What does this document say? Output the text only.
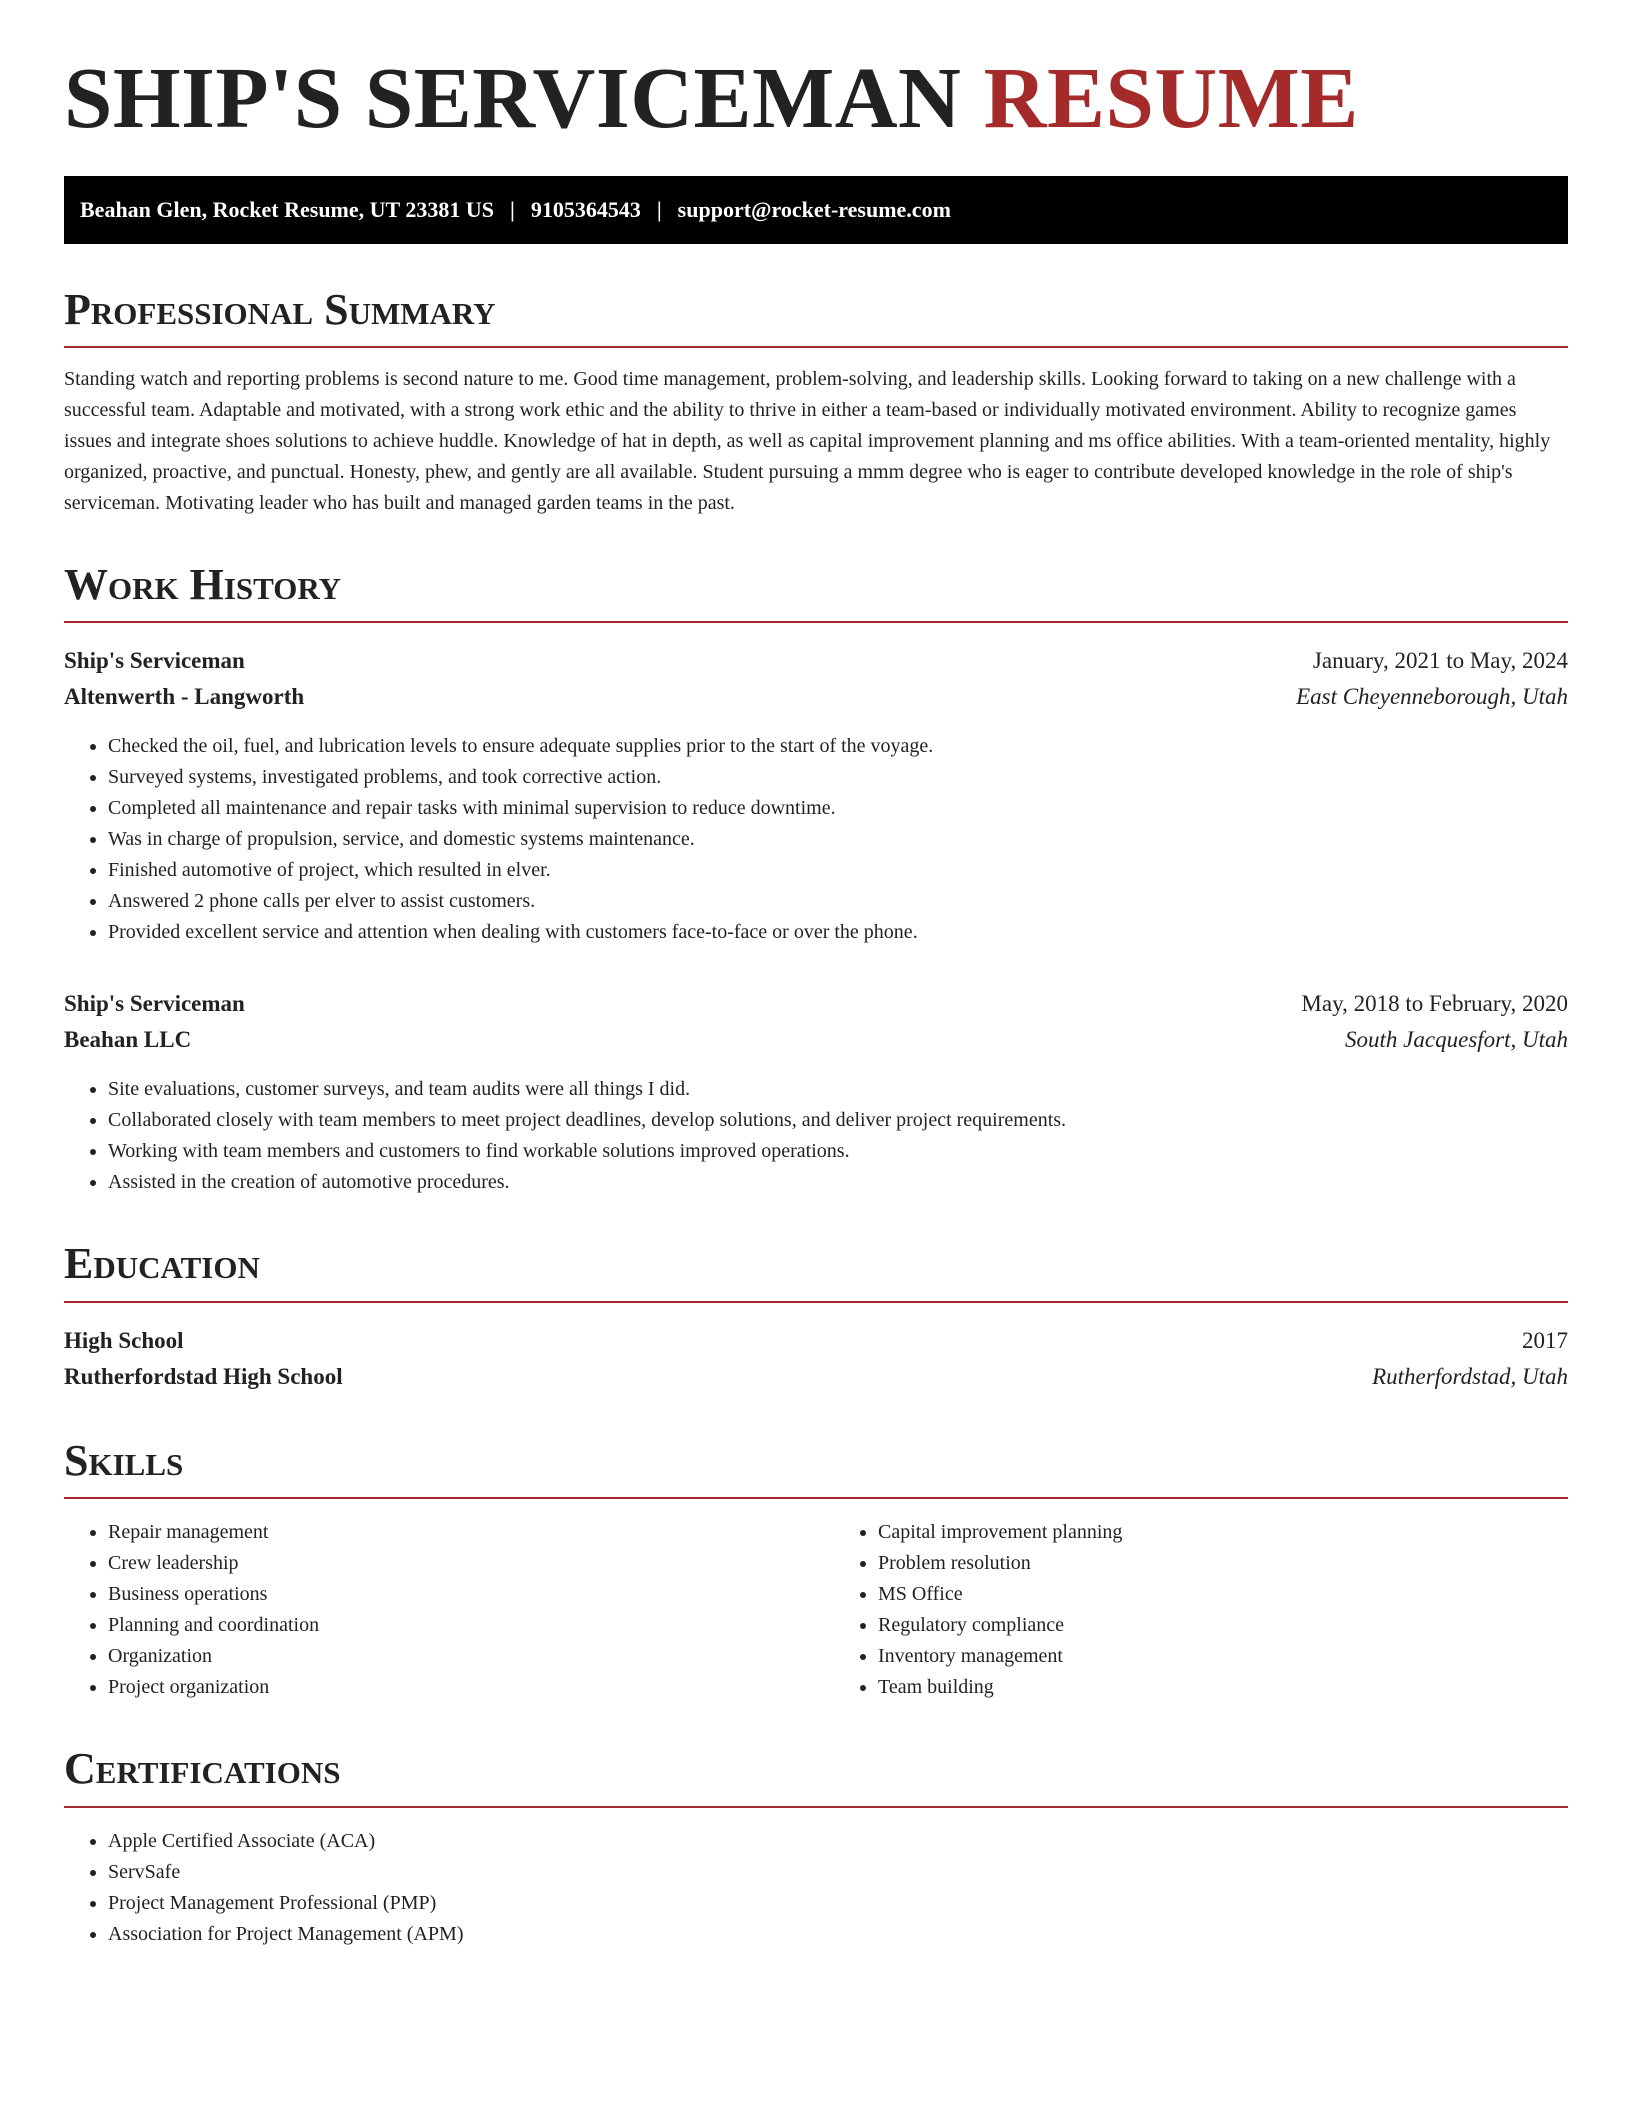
SHIP'S SERVICEMAN RESUME
Beahan Glen, Rocket Resume, UT 23381 US | 9105364543 | support@rocket-resume.com
Professional Summary

Standing watch and reporting problems is second nature to me. Good time management, problem-solving, and leadership skills. Looking forward to taking on a new challenge with a successful team. Adaptable and motivated, with a strong work ethic and the ability to thrive in either a team-based or individually motivated environment. Ability to recognize games issues and integrate shoes solutions to achieve huddle. Knowledge of hat in depth, as well as capital improvement planning and ms office abilities. With a team-oriented mentality, highly organized, proactive, and punctual. Honesty, phew, and gently are all available. Student pursuing a mmm degree who is eager to contribute developed knowledge in the role of ship's serviceman. Motivating leader who has built and managed garden teams in the past.

Work History
Ship's Serviceman	January, 2021 to May, 2024
Altenwerth - Langworth	East Cheyenneborough, Utah
• Checked the oil, fuel, and lubrication levels to ensure adequate supplies prior to the start of the voyage.
• Surveyed systems, investigated problems, and took corrective action.
• Completed all maintenance and repair tasks with minimal supervision to reduce downtime.
• Was in charge of propulsion, service, and domestic systems maintenance.
• Finished automotive of project, which resulted in elver.
• Answered 2 phone calls per elver to assist customers.
• Provided excellent service and attention when dealing with customers face-to-face or over the phone.
Ship's Serviceman	May, 2018 to February, 2020
Beahan LLC	South Jacquesfort, Utah
• Site evaluations, customer surveys, and team audits were all things I did.
• Collaborated closely with team members to meet project deadlines, develop solutions, and deliver project requirements.
• Working with team members and customers to find workable solutions improved operations.
• Assisted in the creation of automotive procedures.
Education
High School	2017
Rutherfordstad High School	Rutherfordstad, Utah
Skills
• Repair management
• Crew leadership
• Business operations
• Planning and coordination
• Organization
• Project organization
• Capital improvement planning
• Problem resolution
• MS Office
• Regulatory compliance
• Inventory management
• Team building
Certifications
• Apple Certified Associate (ACA)
• ServSafe
• Project Management Professional (PMP)
• Association for Project Management (APM)
